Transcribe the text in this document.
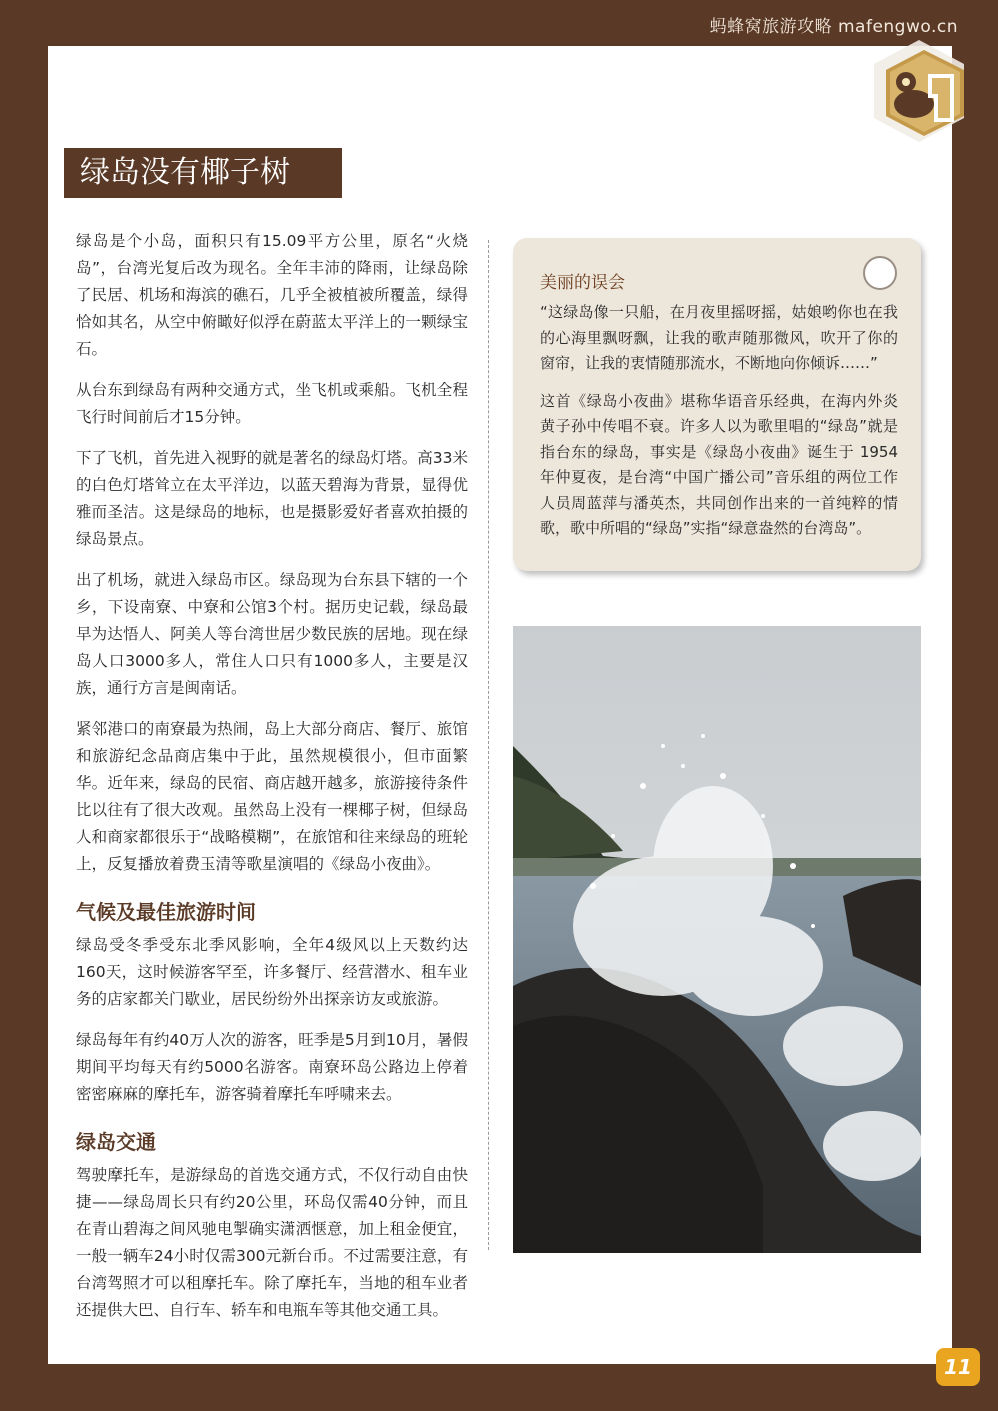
蚂蜂窝旅游攻略 mafengwo.cn
绿岛没有椰子树

绿岛是个小岛，面积只有15.09平方公里，原名“火烧岛”，台湾光复后改为现名。全年丰沛的降雨，让绿岛除了民居、机场和海滨的礁石，几乎全被植被所覆盖，绿得恰如其名，从空中俯瞰好似浮在蔚蓝太平洋上的一颗绿宝石。

从台东到绿岛有两种交通方式，坐飞机或乘船。飞机全程飞行时间前后才15分钟。

下了飞机，首先进入视野的就是著名的绿岛灯塔。高33米的白色灯塔耸立在太平洋边，以蓝天碧海为背景，显得优雅而圣洁。这是绿岛的地标，也是摄影爱好者喜欢拍摄的绿岛景点。

出了机场，就进入绿岛市区。绿岛现为台东县下辖的一个乡，下设南寮、中寮和公馆3个村。据历史记载，绿岛最早为达悟人、阿美人等台湾世居少数民族的居地。现在绿岛人口3000多人，常住人口只有1000多人，主要是汉族，通行方言是闽南话。

紧邻港口的南寮最为热闹，岛上大部分商店、餐厅、旅馆和旅游纪念品商店集中于此，虽然规模很小，但市面繁华。近年来，绿岛的民宿、商店越开越多，旅游接待条件比以往有了很大改观。虽然岛上没有一棵椰子树，但绿岛人和商家都很乐于“战略模糊”，在旅馆和往来绿岛的班轮上，反复播放着费玉清等歌星演唱的《绿岛小夜曲》。

气候及最佳旅游时间

绿岛受冬季受东北季风影响，全年4级风以上天数约达160天，这时候游客罕至，许多餐厅、经营潜水、租车业务的店家都关门歇业，居民纷纷外出探亲访友或旅游。

绿岛每年有约40万人次的游客，旺季是5月到10月，暑假期间平均每天有约5000名游客。南寮环岛公路边上停着密密麻麻的摩托车，游客骑着摩托车呼啸来去。

绿岛交通

驾驶摩托车，是游绿岛的首选交通方式，不仅行动自由快捷——绿岛周长只有约20公里，环岛仅需40分钟，而且在青山碧海之间风驰电掣确实潇洒惬意，加上租金便宜，一般一辆车24小时仅需300元新台币。不过需要注意，有台湾驾照才可以租摩托车。除了摩托车，当地的租车业者还提供大巴、自行车、轿车和电瓶车等其他交通工具。

美丽的误会

“这绿岛像一只船，在月夜里摇呀摇，姑娘哟你也在我的心海里飘呀飘，让我的歌声随那微风，吹开了你的窗帘，让我的衷情随那流水，不断地向你倾诉……”

这首《绿岛小夜曲》堪称华语音乐经典，在海内外炎黄子孙中传唱不衰。许多人以为歌里唱的“绿岛”就是指台东的绿岛，事实是《绿岛小夜曲》诞生于 1954 年仲夏夜，是台湾“中国广播公司”音乐组的两位工作人员周蓝萍与潘英杰，共同创作出来的一首纯粹的情歌，歌中所唱的“绿岛”实指“绿意盎然的台湾岛”。

11
